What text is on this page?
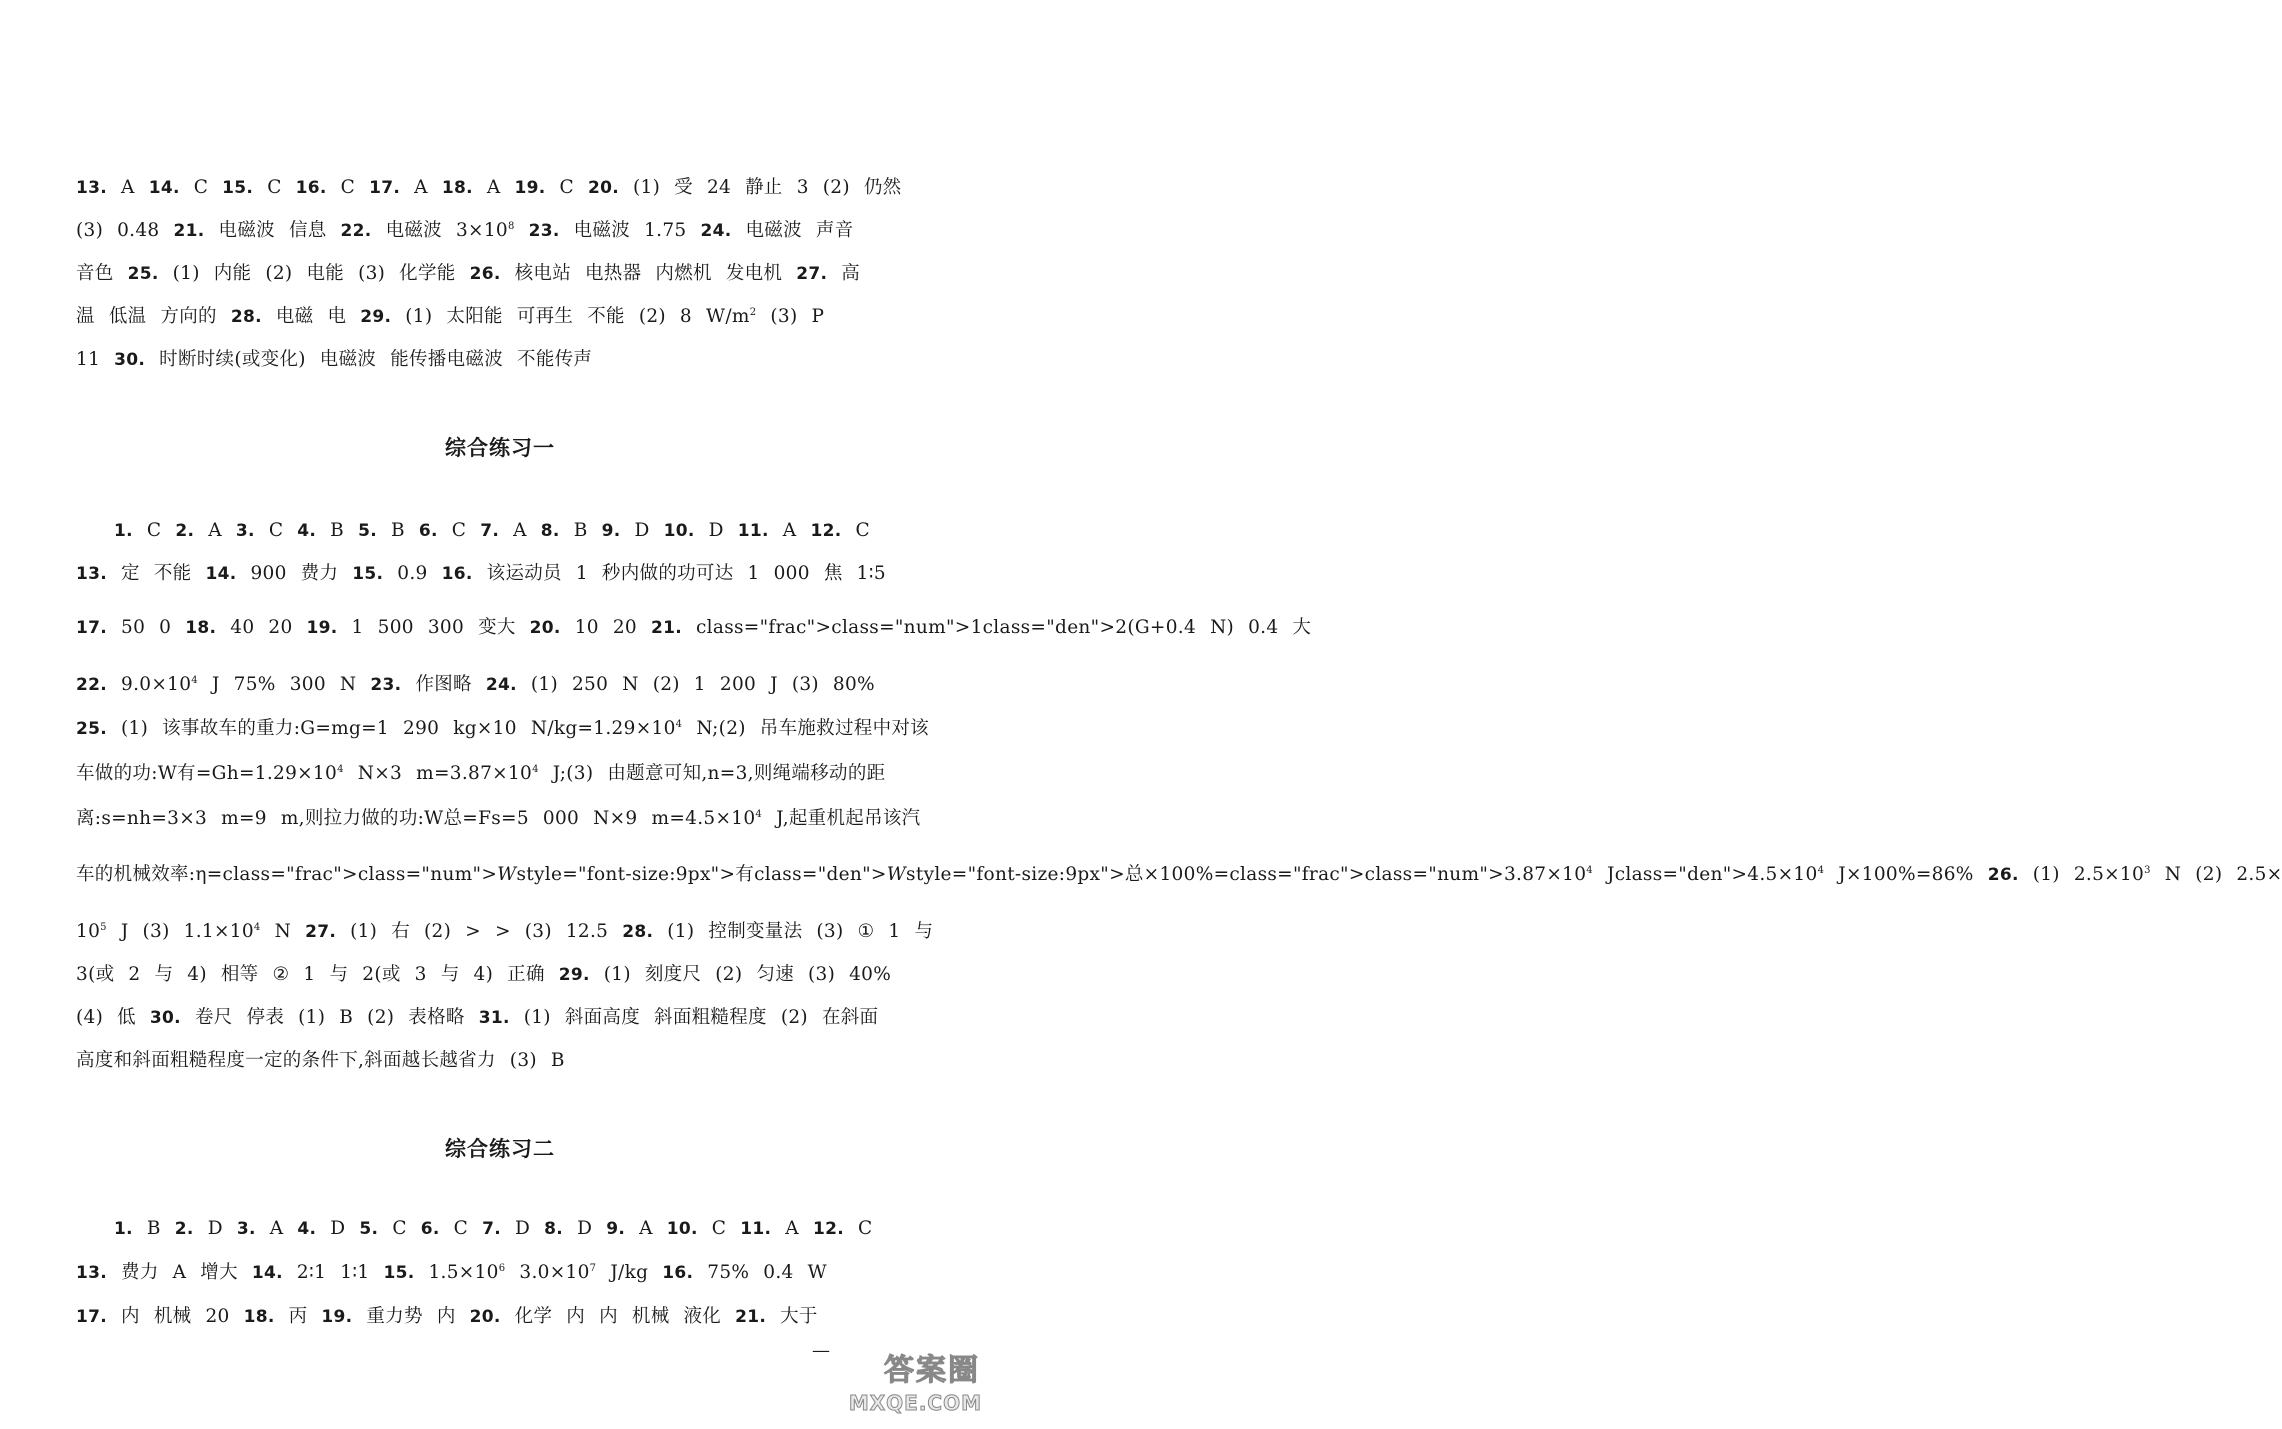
13. A 14. C 15. C 16. C 17. A 18. A 19. C 20. (1) 受 24 静止 3 (2) 仍然
(3) 0.48 21. 电磁波 信息 22. 电磁波 $3\times 10^8$ 23. 电磁波 1.75 24. 电磁波 声音
音色 25. (1) 内能 (2) 电能 (3) 化学能 26. 核电站 电热器 内燃机 发电机 27. 高
温 低温 方向的 28. 电磁 电 29. (1) 太阳能 可再生 不能 (2) 8 $W/m^2$ (3) P
11 30. 时断时续(或变化) 电磁波 能传播电磁波 不能传声
综合练习一
1. C 2. A 3. C 4. B 5. B 6. C 7. A 8. B 9. D 10. D 11. A 12. C
13. 定 不能 14. 900 费力 15. 0.9 16. 该运动员 1 秒内做的功可达 1 000 焦 1∶5
17. 50 0 18. 40 20 19. 1 500 300 变大 20. 10 20 21. class="frac">class="num">1class="den">2(G+0.4 N) 0.4 大
22. $9.0\times 10^4$ J 75% 300 N 23. 作图略 24. (1) 250 N (2) 1 200 J (3) 80%
25. (1) 该事故车的重力:G=mg=1 290 kg×10 $N/kg=1.29\times 10^4$ N;(2) 吊车施救过程中对该
车做的功:W有$=Gh=1.29\times 10^4$ N×3 $m=3.87\times 10^4$ J;(3) 由题意可知,n=3,则绳端移动的距
离:s=nh=3×3 m=9 m,则拉力做的功:W总=Fs=5 000 N×9 $m=4.5\times 10^4$ J,起重机起吊该汽
车的机械效率:η=class="frac">class="num">Wstyle="font-size:9px">有class="den">Wstyle="font-size:9px">总$\times 100\%=class="frac">class="num">3.87\times 10^4$ $Jclass="den">4.5\times 10^4$ J×100%=86% 26. (1) $2.5\times 10^3$ N (2) 2.5×
$10^5$ J (3) $1.1\times 10^4$ N 27. (1) 右 (2) > > (3) 12.5 28. (1) 控制变量法 (3) ① 1 与
3(或 2 与 4) 相等 ② 1 与 2(或 3 与 4) 正确 29. (1) 刻度尺 (2) 匀速 (3) 40%
(4) 低 30. 卷尺 停表 (1) B (2) 表格略 31. (1) 斜面高度 斜面粗糙程度 (2) 在斜面
高度和斜面粗糙程度一定的条件下,斜面越长越省力 (3) B
综合练习二
1. B 2. D 3. A 4. D 5. C 6. C 7. D 8. D 9. A 10. C 11. A 12. C
13. 费力 A 增大 14. 2∶1 1∶1 15. $1.5\times 10^6$ $3.0\times 10^7$ J/kg 16. 75% 0.4 W
17. 内 机械 20 18. 丙 19. 重力势 内 20. 化学 内 内 机械 液化 21. 大于
—
答案圈
MXQE.COM
